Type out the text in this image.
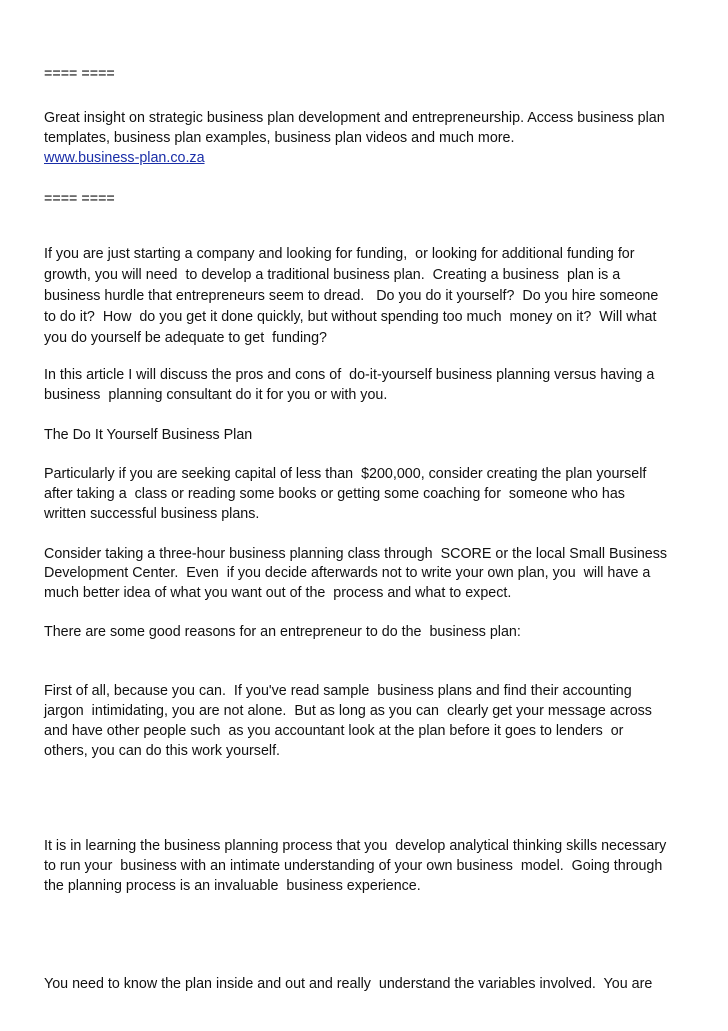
==== ====

Great insight on strategic business plan development and entrepreneurship. Access business plan

templates, business plan examples, business plan videos and much more.

www.business-plan.co.za

==== ====

If you are just starting a company and looking for funding,  or looking for additional funding for

growth, you will need  to develop a traditional business plan.  Creating a business  plan is a

business hurdle that entrepreneurs seem to dread.   Do you do it yourself?  Do you hire someone

to do it?  How  do you get it done quickly, but without spending too much  money on it?  Will what

you do yourself be adequate to get  funding?

In this article I will discuss the pros and cons of  do-it-yourself business planning versus having a

business  planning consultant do it for you or with you.

The Do It Yourself Business Plan

Particularly if you are seeking capital of less than  $200,000, consider creating the plan yourself

after taking a  class or reading some books or getting some coaching for  someone who has

written successful business plans.

Consider taking a three-hour business planning class through  SCORE or the local Small Business

Development Center.  Even  if you decide afterwards not to write your own plan, you  will have a

much better idea of what you want out of the  process and what to expect.

There are some good reasons for an entrepreneur to do the  business plan:

First of all, because you can.  If you've read sample  business plans and find their accounting

jargon  intimidating, you are not alone.  But as long as you can  clearly get your message across

and have other people such  as you accountant look at the plan before it goes to lenders  or

others, you can do this work yourself.

It is in learning the business planning process that you  develop analytical thinking skills necessary

to run your  business with an intimate understanding of your own business  model.  Going through

the planning process is an invaluable  business experience.

You need to know the plan inside and out and really  understand the variables involved.  You are
